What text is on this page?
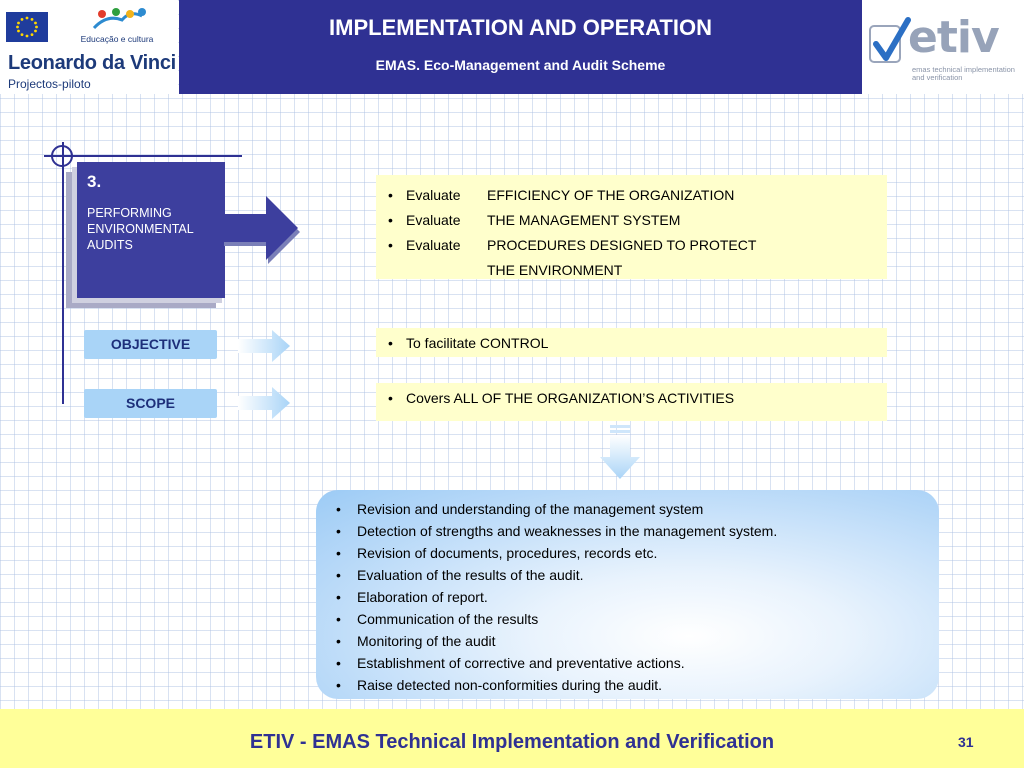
Educação e cultura
Leonardo da Vinci
Projectos-piloto
IMPLEMENTATION AND OPERATION
EMAS. Eco-Management and Audit Scheme
etiv
emas technical implementation and verification
3.
PERFORMING ENVIRONMENTAL AUDITS
• Evaluate	EFFICIENCY OF THE ORGANIZATION
• Evaluate	THE MANAGEMENT SYSTEM
• Evaluate	PROCEDURES DESIGNED TO PROTECT
THE ENVIRONMENT
OBJECTIVE	• To facilitate CONTROL
SCOPE	• Covers ALL OF THE ORGANIZATION’S ACTIVITIES
•	Revision and understanding of the management system
•	Detection of strengths and weaknesses in the management system.
•	Revision of documents, procedures, records etc.
•	Evaluation of the results of the audit.
•	Elaboration of report.
•	Communication of the results
•	Monitoring of the audit
•	Establishment of corrective and preventative actions.
•	Raise detected non-conformities during the audit.
ETIV - EMAS Technical Implementation and Verification	31
